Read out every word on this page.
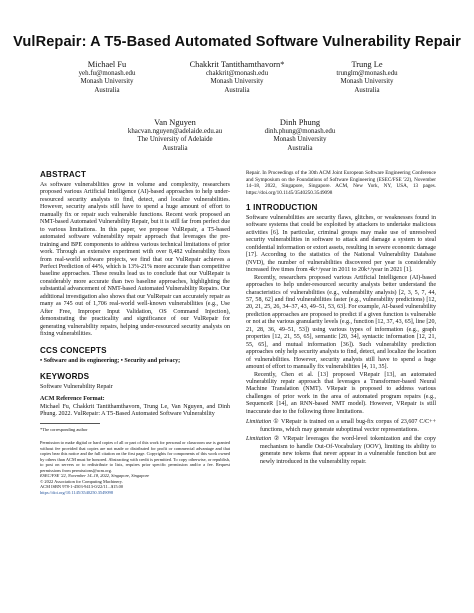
VulRepair: A T5-Based Automated Software Vulnerability Repair
Michael Fu
yeh.fu@monash.edu
Monash University
Australia
Chakkrit Tantithamthavorn*
chakkrit@monash.edu
Monash University
Australia
Trung Le
trunglm@monash.edu
Monash University
Australia
Van Nguyen
khacvan.nguyen@adelaide.edu.au
The University of Adelaide
Australia
Dinh Phung
dinh.phung@monash.edu
Monash University
Australia
ABSTRACT
As software vulnerabilities grow in volume and complexity, researchers proposed various Artificial Intelligence (AI)-based approaches to help under-resourced security analysts to find, detect, and localize vulnerabilities. However, security analysts still have to spend a huge amount of effort to manually fix or repair such vulnerable functions. Recent work proposed an NMT-based Automated Vulnerability Repair, but it is still far from perfect due to various limitations. In this paper, we propose VulRepair, a T5-based automated software vulnerability repair approach that leverages the pre-training and BPE components to address various technical limitations of prior work. Through an extensive experiment with over 8,482 vulnerability fixes from real-world software projects, we find that our VulRepair achieves a Perfect Prediction of 44%, which is 13%-21% more accurate than competitive baseline approaches. These results lead us to conclude that our VulRepair is considerably more accurate than two baseline approaches, highlighting the substantial advancement of NMT-based Automated Vulnerability Repairs. Our additional investigation also shows that our VulRepair can accurately repair as many as 745 out of 1,706 real-world well-known vulnerabilities (e.g., Use After Free, Improper Input Validation, OS Command Injection), demonstrating the practicality and significance of our VulRepair for generating vulnerability repairs, helping under-resourced security analysts on fixing vulnerabilities.
CCS CONCEPTS
• Software and its engineering; • Security and privacy;
KEYWORDS
Software Vulnerability Repair
ACM Reference Format:
Michael Fu, Chakkrit Tantithamthavorn, Trung Le, Van Nguyen, and Dinh Phung. 2022. VulRepair: A T5-Based Automated Software Vulnerability
*The corresponding author
Permission to make digital or hard copies of all or part of this work for personal or classroom use is granted without fee provided that copies are not made or distributed for profit or commercial advantage and that copies bear this notice and the full citation on the first page. Copyrights for components of this work owned by others than ACM must be honored. Abstracting with credit is permitted. To copy otherwise, or republish, to post on servers or to redistribute to lists, requires prior specific permission and/or a fee. Request permissions from permissions@acm.org.
ESEC/FSE '22, November 14–18, 2022, Singapore, Singapore
© 2022 Association for Computing Machinery.
ACM ISBN 978-1-4503-9413-0/22/11...$15.00
https://doi.org/10.1145/3540250.3549098
Repair. In Proceedings of the 30th ACM Joint European Software Engineering Conference and Symposium on the Foundations of Software Engineering (ESEC/FSE '22), November 14–18, 2022, Singapore, Singapore. ACM, New York, NY, USA, 13 pages. https://doi.org/10.1145/3540250.3549098
1 INTRODUCTION
Software vulnerabilities are security flaws, glitches, or weaknesses found in software systems that could be exploited by attackers to undertake malicious activities [6]. In particular, criminal groups may make use of unresolved security vulnerabilities in software to attack and damage a system to steal confidential information or extort assets, resulting in severe economic damage [17]. According to the statistics of the National Vulnerability Database (NVD), the number of vulnerabilities discovered per year is considerably increased five times from 4k+/year in 2011 to 20k+/year in 2021 [1].
Recently, researchers proposed various Artificial Intelligence (AI)-based approaches to help under-resourced security analysts better understand the characteristics of vulnerabilities (e.g., vulnerability analysis) [2, 3, 5, 7, 44, 57, 58, 62] and find vulnerabilities faster (e.g., vulnerability predictions) [12, 20, 21, 25, 26, 34–37, 43, 49–51, 53, 63]. For example, AI-based vulnerability prediction approaches are proposed to predict if a given function is vulnerable or not at the various granularity levels (e.g., function [12, 37, 43, 65], line [20, 21, 28, 36, 49–51, 53]) using various types of information (e.g., graph properties [12, 21, 55, 65], semantic [20, 34], syntactic information [12, 21, 55, 65], and mutual information [36]). Such vulnerability prediction approaches only help security analysts to find, detect, and localize the location of vulnerabilities. However, security analysts still have to spend a huge amount of effort to manually fix vulnerabilities [4, 11, 35].
Recently, Chen et al. [13] proposed VRepair [13], an automated vulnerability repair approach that leverages a Transformer-based Neural Machine Translation (NMT). VRepair is proposed to address various challenges of prior work in the area of automated program repairs (e.g., SequenceR [14], an RNN-based NMT model). However, VRepair is still inaccurate due to the following three limitations.
Limitation ① VRepair is trained on a small bug-fix corpus of 23,607 C/C++ functions, which may generate suboptimal vector representations.
Limitation ② VRepair leverages the word-level tokenization and the copy mechanism to handle Out-Of-Vocabulary (OOV), limiting its ability to generate new tokens that never appear in a vulnerable function but are newly introduced in the vulnerability repair.
